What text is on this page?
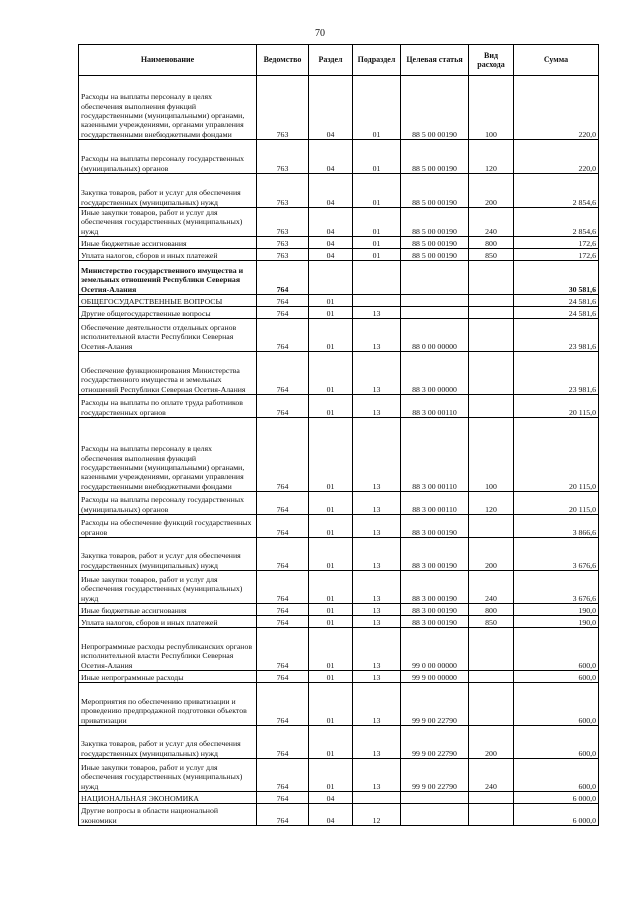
70
Наименование	Ведомство	Раздел	Подраздел	Целевая статья	Вид расхода	Сумма
Расходы на выплаты персоналу в целях обеспечения выполнения функций государственными (муниципальными) органами, казенными учреждениями, органами управления государственными внебюджетными фондами	763	04	01	88 5 00 00190	100	220,0
Расходы на выплаты персоналу государственных (муниципальных) органов	763	04	01	88 5 00 00190	120	220,0
Закупка товаров, работ и услуг для обеспечения государственных (муниципальных) нужд	763	04	01	88 5 00 00190	200	2 854,6
Иные закупки товаров, работ и услуг для обеспечения государственных (муниципальных) нужд	763	04	01	88 5 00 00190	240	2 854,6
Иные бюджетные ассигнования	763	04	01	88 5 00 00190	800	172,6
Уплата налогов, сборов и иных платежей	763	04	01	88 5 00 00190	850	172,6
Министерство государственного имущества и земельных отношений Республики Северная Осетия-Алания	764					30 581,6
ОБЩЕГОСУДАРСТВЕННЫЕ ВОПРОСЫ	764	01				24 581,6
Другие общегосударственные вопросы	764	01	13			24 581,6
Обеспечение деятельности отдельных органов исполнительной власти Республики Северная Осетия-Алания	764	01	13	88 0 00 00000		23 981,6
Обеспечение функционирования Министерства государственного имущества и земельных отношений Республики Северная Осетия-Алания	764	01	13	88 3 00 00000		23 981,6
Расходы на выплаты по оплате труда работников государственных органов	764	01	13	88 3 00 00110		20 115,0
Расходы на выплаты персоналу в целях обеспечения выполнения функций государственными (муниципальными) органами, казенными учреждениями, органами управления государственными внебюджетными фондами	764	01	13	88 3 00 00110	100	20 115,0
Расходы на выплаты персоналу государственных (муниципальных) органов	764	01	13	88 3 00 00110	120	20 115,0
Расходы на обеспечение функций государственных органов	764	01	13	88 3 00 00190		3 866,6
Закупка товаров, работ и услуг для обеспечения государственных (муниципальных) нужд	764	01	13	88 3 00 00190	200	3 676,6
Иные закупки товаров, работ и услуг для обеспечения государственных (муниципальных) нужд	764	01	13	88 3 00 00190	240	3 676,6
Иные бюджетные ассигнования	764	01	13	88 3 00 00190	800	190,0
Уплата налогов, сборов и иных платежей	764	01	13	88 3 00 00190	850	190,0
Непрограммные расходы республиканских органов исполнительной власти Республики Северная Осетия-Алания	764	01	13	99 0 00 00000		600,0
Иные непрограммные расходы	764	01	13	99 9 00 00000		600,0
Мероприятия по обеспечению приватизации и проведению предпродажной подготовки объектов приватизации	764	01	13	99 9 00 22790		600,0
Закупка товаров, работ и услуг для обеспечения государственных (муниципальных) нужд	764	01	13	99 9 00 22790	200	600,0
Иные закупки товаров, работ и услуг для обеспечения государственных (муниципальных) нужд	764	01	13	99 9 00 22790	240	600,0
НАЦИОНАЛЬНАЯ ЭКОНОМИКА	764	04				6 000,0
Другие вопросы в области национальной экономики	764	04	12			6 000,0
